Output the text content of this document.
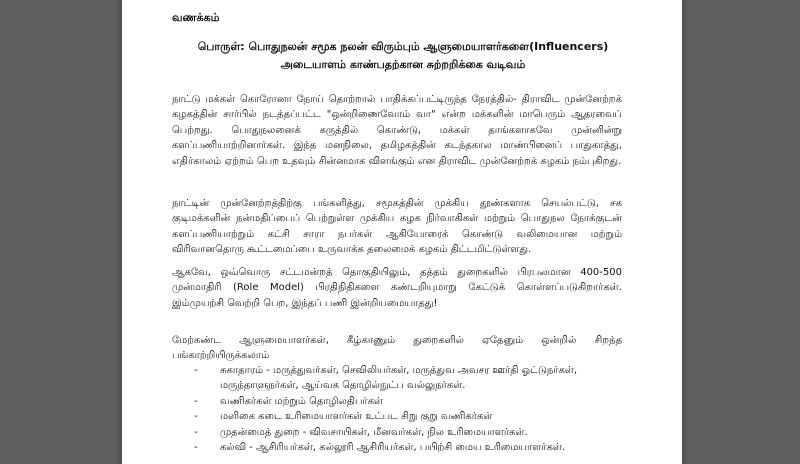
வணக்கம்
பொருள்: பொதுநலன் சமூக நலன் விரும்பும் ஆளுமையாளர்களை(Influencers)
அடையாளம் காண்பதற்கான சுற்றறிக்கை வடிவம்
நாட்டு மக்கள் கொரோனா நோய் தொற்றால் பாதிக்கப்பட்டிருந்த நேரத்தில்- திராவிட முன்னேற்றக் கழகத்தின் சார்பில் நடத்தப்பட்ட "ஒன்றிணைவோம் வா" என்ற மக்களின் மாபெரும் ஆதரவைப் பெற்றது. பொதுநலனைக் கருத்தில் கொண்டு, மக்கள் தாங்களாகவே முன்னின்று களப்பணியாற்றினார்கள். இந்த மனநிலை, தமிழகத்தின் கடந்தகால மாண்பினைப் பாதுகாத்து, எதிர்காலம் ஏற்றம் பெற உதவும் சின்னமாக விளங்கும் என திராவிட முன்னேற்றக் கழகம் நம்புகிறது.
நாட்டின் முன்னேற்றத்திற்கு பங்களித்து, சமூகத்தின் முக்கிய தூண்களாக செயல்பட்டு, சக குடிமக்களின் நன்மதிப்பைப் பெற்றுள்ள முக்கிய கழக நிர்வாகிகள் மற்றும் பொதுநல நோக்குடன் களப்பணியாற்றும் கட்சி சாரா நபர்கள் ஆகியோரைக் கொண்டு வலிமையான மற்றும் விரிவானதொரு கூட்டமைப்பை உருவாக்க தலைமைக் கழகம் திட்டமிட்டுள்ளது.
ஆகவே, ஒவ்வொரு சட்டமன்றத் தொகுதியிலும், தத்தம் துறைகளில் பிரபலமான 400-500 முன்மாதிரி (Role Model) பிரதிநிதிகளை கண்டறியுமாறு கேட்டுக் கொள்ளப்படுகிறார்கள். இம்முயற்சி வெற்றி பெற, இந்தப் பணி இன்றியமையாதது!
மேற்கண்ட ஆளுமையாளர்கள், கீழ்காணும் துறைகளில் ஏதேனும் ஒன்றில் சிறந்த பங்காற்றியிருக்கலாம்
- சுகாதாரம் - மருத்துவர்கள், செவிலியர்கள், மருத்துவ அவசர ஊர்தி ஓட்டுநர்கள், மருந்தாளுநர்கள், ஆய்வக தொழில்நுட்ப வல்லுநர்கள்.
- வணிகர்கள் மற்றும் தொழிலதிபர்கள்
- மளிகை கடை உரிமையாளர்கள் உட்பட சிறு குறு வணிகர்கள்
- முதன்மைத் துறை - விவசாயிகள், மீனவர்கள், நில உரிமையாளர்கள்.
- கல்வி - ஆசிரியர்கள், கல்லூரி ஆசிரியர்கள், பயிற்சி மைய உரிமையாளர்கள்.
